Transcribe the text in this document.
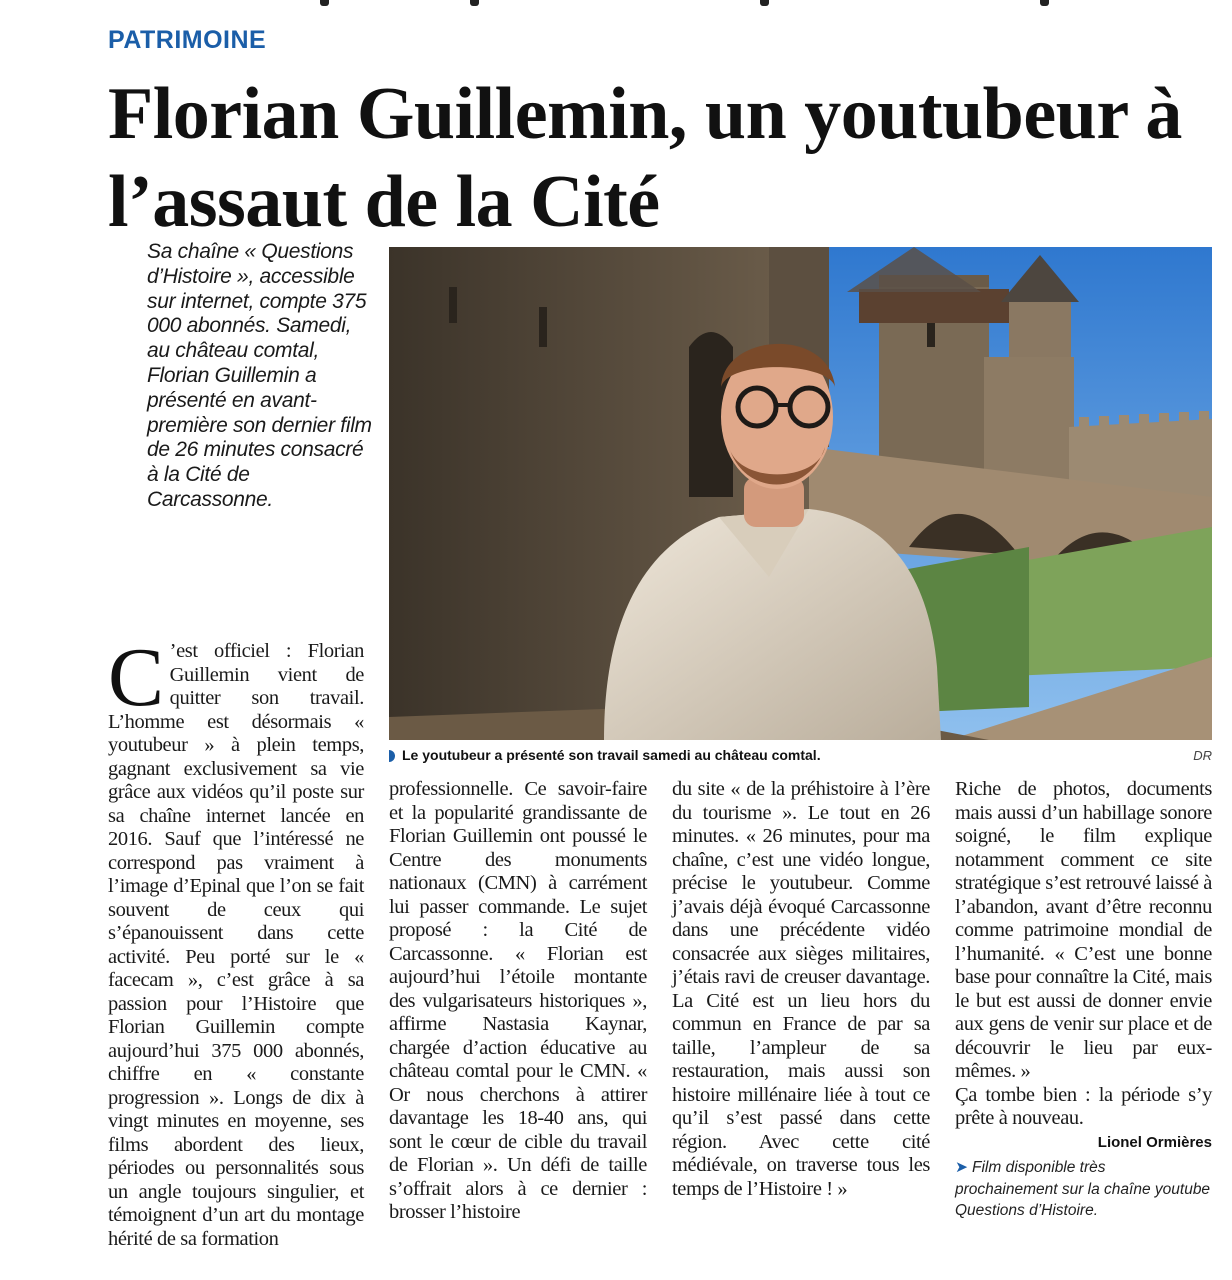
PATRIMOINE
Florian Guillemin, un youtubeur à l’assaut de la Cité

Sa chaîne « Questions d’Histoire », accessible sur internet, compte 375 000 abonnés. Samedi, au château comtal, Florian Guillemin a présenté en avant-première son dernier film de 26 minutes consacré à la Cité de Carcassonne.

Le youtubeur a présenté son travail samedi au château comtal.	DR
C ’est officiel : Florian Guillemin vient de quitter son travail. L’homme est désormais « youtubeur » à plein temps, gagnant exclusivement sa vie grâce aux vidéos qu’il poste sur sa chaîne internet lancée en 2016. Sauf que l’intéressé ne correspond pas vraiment à l’image d’Epinal que l’on se fait souvent de ceux qui s’épanouissent dans cette activité. Peu porté sur le « facecam », c’est grâce à sa passion pour l’Histoire que Florian Guillemin compte aujourd’hui 375 000 abonnés, chiffre en « constante progression ». Longs de dix à vingt minutes en moyenne, ses films abordent des lieux, périodes ou personnalités sous un angle toujours singulier, et témoignent d’un art du montage hérité de sa formation
professionnelle. Ce savoir-faire et la popularité grandissante de Florian Guillemin ont poussé le Centre des monuments nationaux (CMN) à carrément lui passer commande. Le sujet proposé : la Cité de Carcassonne. « Florian est aujourd’hui l’étoile montante des vulgarisateurs historiques », affirme Nastasia Kaynar, chargée d’action éducative au château comtal pour le CMN. « Or nous cherchons à attirer davantage les 18-40 ans, qui sont le cœur de cible du travail de Florian ». Un défi de taille s’offrait alors à ce dernier : brosser l’histoire
du site « de la préhistoire à l’ère du tourisme ». Le tout en 26 minutes. « 26 minutes, pour ma chaîne, c’est une vidéo longue, précise le youtubeur. Comme j’avais déjà évoqué Carcassonne dans une précédente vidéo consacrée aux sièges militaires, j’étais ravi de creuser davantage. La Cité est un lieu hors du commun en France de par sa taille, l’ampleur de sa restauration, mais aussi son histoire millénaire liée à tout ce qu’il s’est passé dans cette région. Avec cette cité médiévale, on traverse tous les temps de l’Histoire ! »
Riche de photos, documents mais aussi d’un habillage sonore soigné, le film explique notamment comment ce site stratégique s’est retrouvé laissé à l’abandon, avant d’être reconnu comme patrimoine mondial de l’humanité. « C’est une bonne base pour connaître la Cité, mais le but est aussi de donner envie aux gens de venir sur place et de découvrir le lieu par eux-mêmes. »
Ça tombe bien : la période s’y prête à nouveau.
Lionel Ormières
➤ Film disponible très prochainement sur la chaîne youtube Questions d’Histoire.
